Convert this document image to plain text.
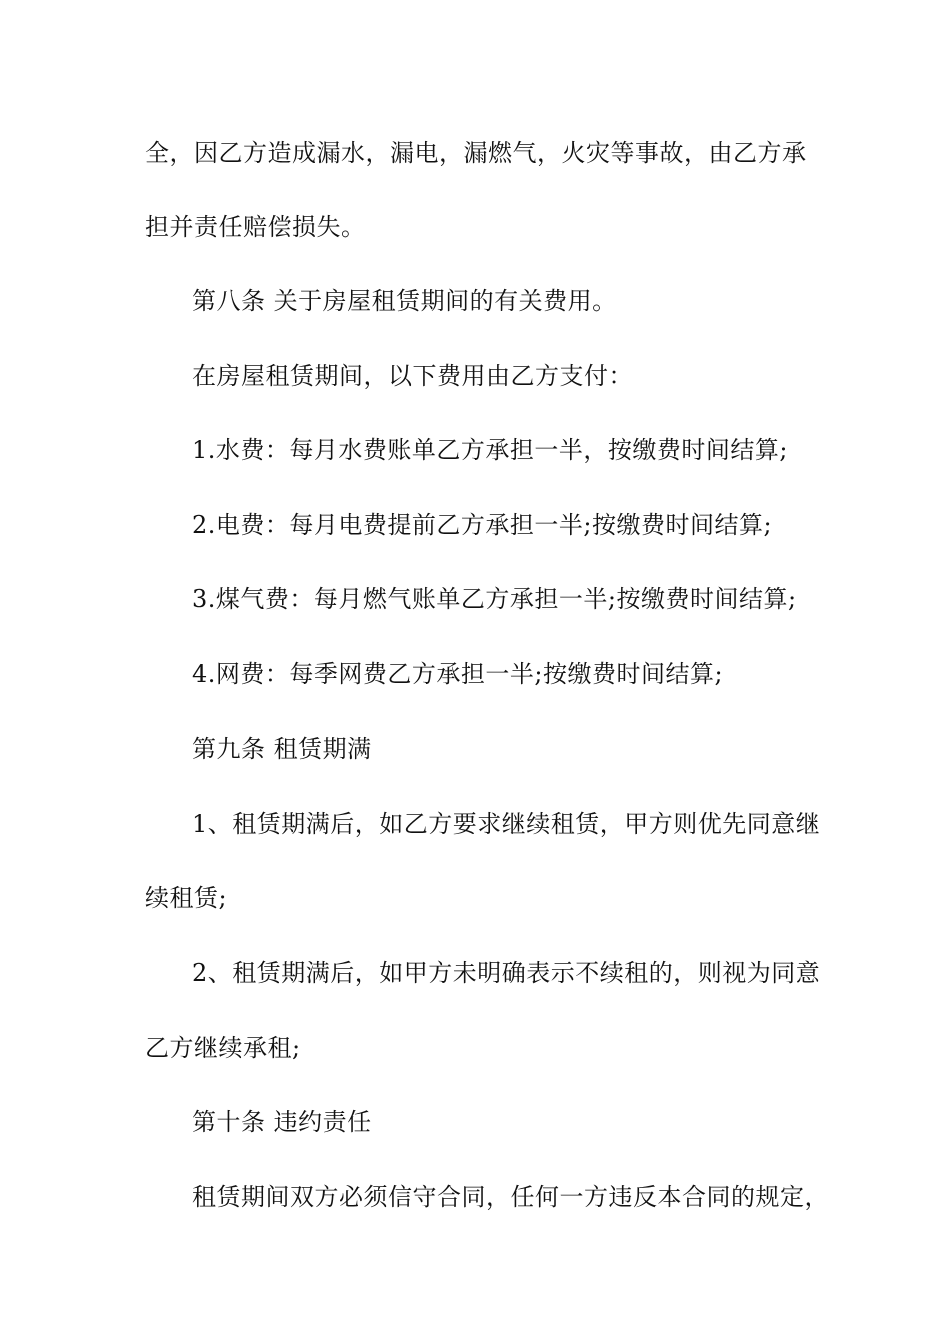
全，因乙方造成漏水，漏电，漏燃气，火灾等事故，由乙方承
担并责任赔偿损失。
第八条 关于房屋租赁期间的有关费用。
在房屋租赁期间，以下费用由乙方支付：
1.水费：每月水费账单乙方承担一半，按缴费时间结算;
2.电费：每月电费提前乙方承担一半;按缴费时间结算;
3.煤气费：每月燃气账单乙方承担一半;按缴费时间结算;
4.网费：每季网费乙方承担一半;按缴费时间结算;
第九条 租赁期满
1、租赁期满后，如乙方要求继续租赁，甲方则优先同意继
续租赁;
2、租赁期满后，如甲方未明确表示不续租的，则视为同意
乙方继续承租;
第十条 违约责任
租赁期间双方必须信守合同，任何一方违反本合同的规定，
